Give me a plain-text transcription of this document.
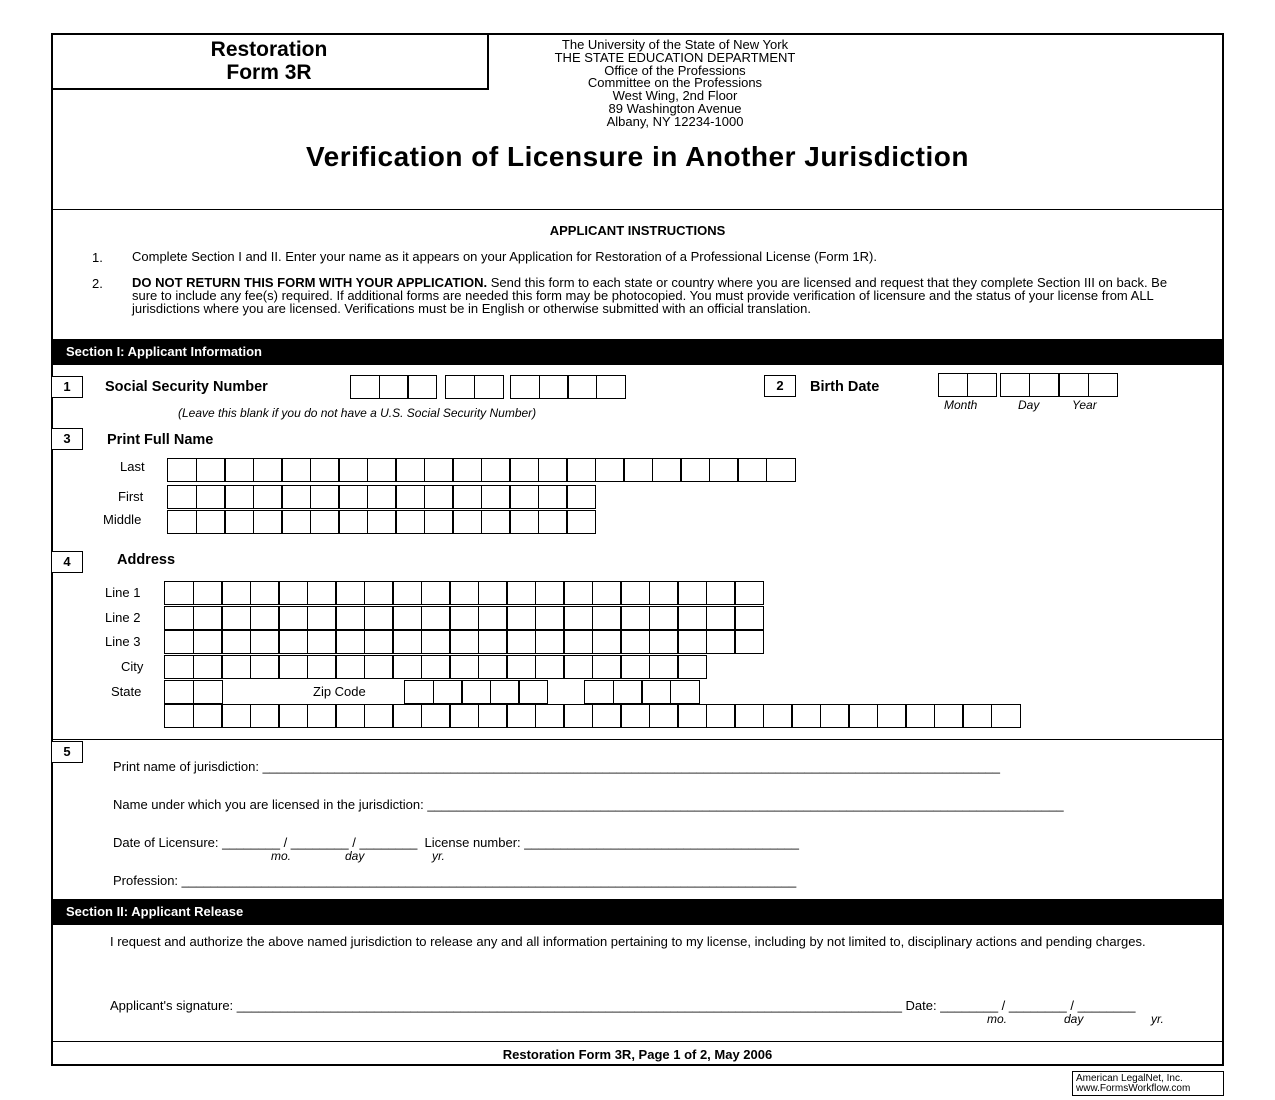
Restoration
Form 3R
The University of the State of New York
THE STATE EDUCATION DEPARTMENT
Office of the Professions
Committee on the Professions
West Wing, 2nd Floor
89 Washington Avenue
Albany, NY 12234-1000
Verification of Licensure in Another Jurisdiction
APPLICANT INSTRUCTIONS
1. Complete Section I and II. Enter your name as it appears on your Application for Restoration of a Professional License (Form 1R).
2. DO NOT RETURN THIS FORM WITH YOUR APPLICATION. Send this form to each state or country where you are licensed and request that they complete Section III on back. Be sure to include any fee(s) required. If additional forms are needed this form may be photocopied. You must provide verification of licensure and the status of your license from ALL jurisdictions where you are licensed. Verifications must be in English or otherwise submitted with an official translation.
Section I: Applicant Information
1	Social Security Number
(Leave this blank if you do not have a U.S. Social Security Number)
2	Birth Date
Month	Day	Year
3	Print Full Name
Last
First
Middle
4	Address
Line 1
Line 2
Line 3
City
State	Zip Code
5
Print name of jurisdiction: ______________________________________________________________________________________________________
Name under which you are licensed in the jurisdiction: ________________________________________________________________________________________
Date of Licensure: ________ / ________ / ________  License number: ______________________________________
mo.	day	yr.
Profession: _____________________________________________________________________________________
Section II: Applicant Release
I request and authorize the above named jurisdiction to release any and all information pertaining to my license, including by not limited to, disciplinary actions and pending charges.
Applicant's signature: ____________________________________________________________________________________________ Date: ________ / ________ / ________
mo.	day	yr.
Restoration Form 3R, Page 1 of 2, May 2006
American LegalNet, Inc.
www.FormsWorkflow.com
